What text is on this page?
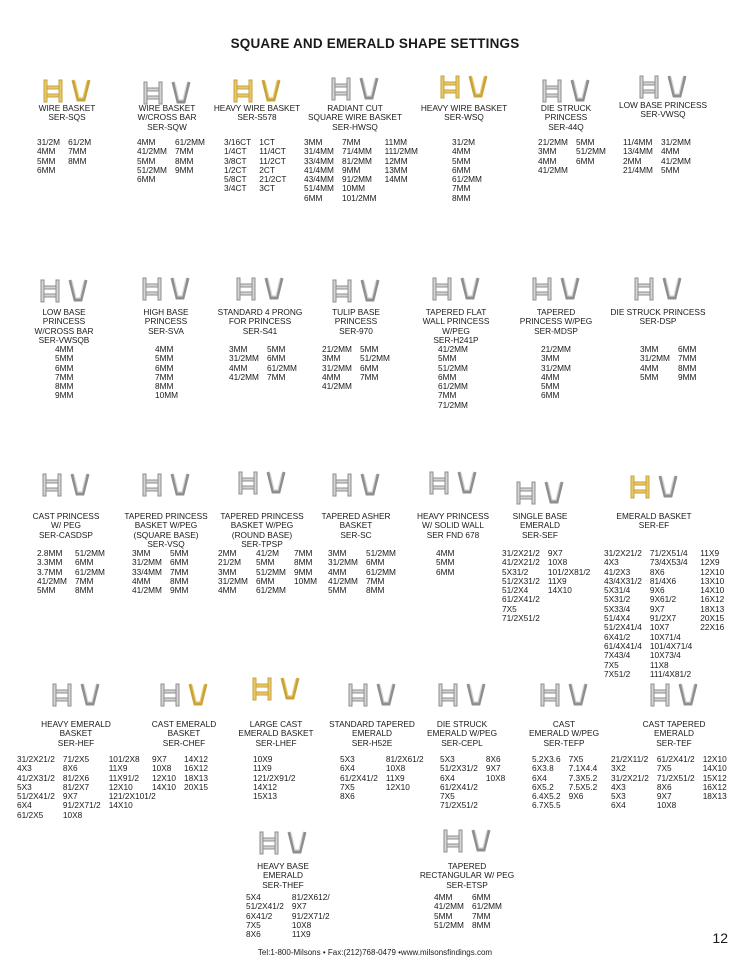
SQUARE AND EMERALD SHAPE SETTINGS
WIRE BASKET
SER-SQS
31/2M
4MM
5MM
6MM
61/2M
7MM
8MM
WIRE BASKET
W/CROSS BAR
SER-SQW
4MM
41/2MM
5MM
51/2MM
6MM
61/2MM
7MM
8MM
9MM
HEAVY WIRE BASKET
SER-S578
3/16CT
1/4CT
3/8CT
1/2CT
5/8CT
3/4CT
1CT
11/4CT
11/2CT
2CT
21/2CT
3CT
RADIANT CUT
SQUARE WIRE BASKET
SER-HWSQ
3MM
31/4MM
33/4MM
41/4MM
43/4MM
51/4MM
6MM
7MM
71/4MM
81/2MM
9MM
91/2MM
10MM
101/2MM
11MM
111/2MM
12MM
13MM
14MM
HEAVY WIRE BASKET
SER-WSQ
31/2M
4MM
5MM
6MM
61/2MM
7MM
8MM
DIE STRUCK
PRINCESS
SER-44Q
21/2MM
3MM
4MM
41/2MM
5MM
51/2MM
6MM
LOW BASE PRINCESS
SER-VWSQ
11/4MM
13/4MM
2MM
21/4MM
31/2MM
4MM
41/2MM
5MM
LOW BASE
PRINCESS
W/CROSS BAR
SER-VWSQB
4MM
5MM
6MM
7MM
8MM
9MM
HIGH BASE
PRINCESS
SER-SVA
4MM
5MM
6MM
7MM
8MM
10MM
STANDARD 4 PRONG
FOR PRINCESS
SER-S41
3MM
31/2MM
4MM
41/2MM
5MM
6MM
61/2MM
7MM
TULIP BASE
PRINCESS
SER-970
21/2MM
3MM
31/2MM
4MM
41/2MM
5MM
51/2MM
6MM
7MM
TAPERED FLAT
WALL PRINCESS
W/PEG
SER-H241P
41/2MM
5MM
51/2MM
6MM
61/2MM
7MM
71/2MM
TAPERED
PRINCESS W/PEG
SER-MDSP
21/2MM
3MM
31/2MM
4MM
5MM
6MM
DIE STRUCK PRINCESS
SER-DSP
3MM
31/2MM
4MM
5MM
6MM
7MM
8MM
9MM
CAST PRINCESS
W/ PEG
SER-CASDSP
2.8MM
3.3MM
3.7MM
41/2MM
5MM
51/2MM
6MM
61/2MM
7MM
8MM
TAPERED PRINCESS
BASKET W/PEG
(SQUARE BASE)
SER-VSQ
3MM
31/2MM
33/4MM
4MM
41/2MM
5MM
6MM
7MM
8MM
9MM
TAPERED PRINCESS
BASKET W/PEG
(ROUND BASE)
SER-TPSP
2MM
21/2M
3MM
31/2MM
4MM
41/2M
5MM
51/2MM
6MM
61/2MM
7MM
8MM
9MM
10MM
TAPERED ASHER
BASKET
SER-SC
3MM
31/2MM
4MM
41/2MM
5MM
51/2MM
6MM
61/2MM
7MM
8MM
HEAVY PRINCESS
W/ SOLID WALL
SER FND 678
4MM
5MM
6MM
SINGLE BASE
EMERALD
SER-SEF
31/2X21/2
41/2X21/2
5X31/2
51/2X31/2
51/2X4
61/2X41/2
7X5
71/2X51/2
9X7
10X8
101/2X81/2
11X9
14X10
EMERALD BASKET
SER-EF
31/2X21/2
4X3
41/2X3
43/4X31/2
5X31/4
5X31/2
5X33/4
51/4X4
51/2X41/4
6X41/2
61/4X41/4
7X43/4
7X5
7X51/2
71/2X51/4
73/4X53/4
8X6
81/4X6
9X6
9X61/2
9X7
91/2X7
10X7
10X71/4
101/4X71/4
10X73/4
11X8
111/4X81/2
11X9
12X9
12X10
13X10
14X10
16X12
18X13
20X15
22X16
HEAVY EMERALD
BASKET
SER-HEF
31/2X21/2
4X3
41/2X31/2
5X3
51/2X41/2
6X4
61/2X5
71/2X5
8X6
81/2X6
81/2X7
9X7
91/2X71/2
10X8
101/2X8
11X9
11X91/2
12X10
121/2X101/2
14X10
CAST EMERALD
BASKET
SER-CHEF
9X7
10X8
12X10
14X10
14X12
16X12
18X13
20X15
LARGE CAST
EMERALD BASKET
SER-LHEF
10X9
11X9
121/2X91/2
14X12
15X13
STANDARD TAPERED
EMERALD
SER-H52E
5X3
6X4
61/2X41/2
7X5
8X6
81/2X61/2
10X8
11X9
12X10
DIE STRUCK
EMERALD W/PEG
SER-CEPL
5X3
51/2X31/2
6X4
61/2X41/2
7X5
71/2X51/2
8X6
9X7
10X8
CAST
EMERALD W/PEG
SER-TEFP
5.2X3.6
6X3.8
6X4
6X5.2
6.4X5.2
6.7X5.5
7X5
7.1X4.4
7.3X5.2
7.5X5.2
9X6
CAST TAPERED
EMERALD
SER-TEF
21/2X11/2
3X2
31/2X21/2
4X3
5X3
6X4
61/2X41/2
7X5
71/2X51/2
8X6
9X7
10X8
12X10
14X10
15X12
16X12
18X13
HEAVY BASE
EMERALD
SER-THEF
5X4
51/2X41/2
6X41/2
7X5
8X6
81/2X612/
9X7
91/2X71/2
10X8
11X9
TAPERED
RECTANGULAR W/ PEG
SER-ETSP
4MM
41/2MM
5MM
51/2MM
6MM
61/2MM
7MM
8MM
Tel:1-800-Milsons • Fax:(212)768-0479 •www.milsonsfindings.com
12
